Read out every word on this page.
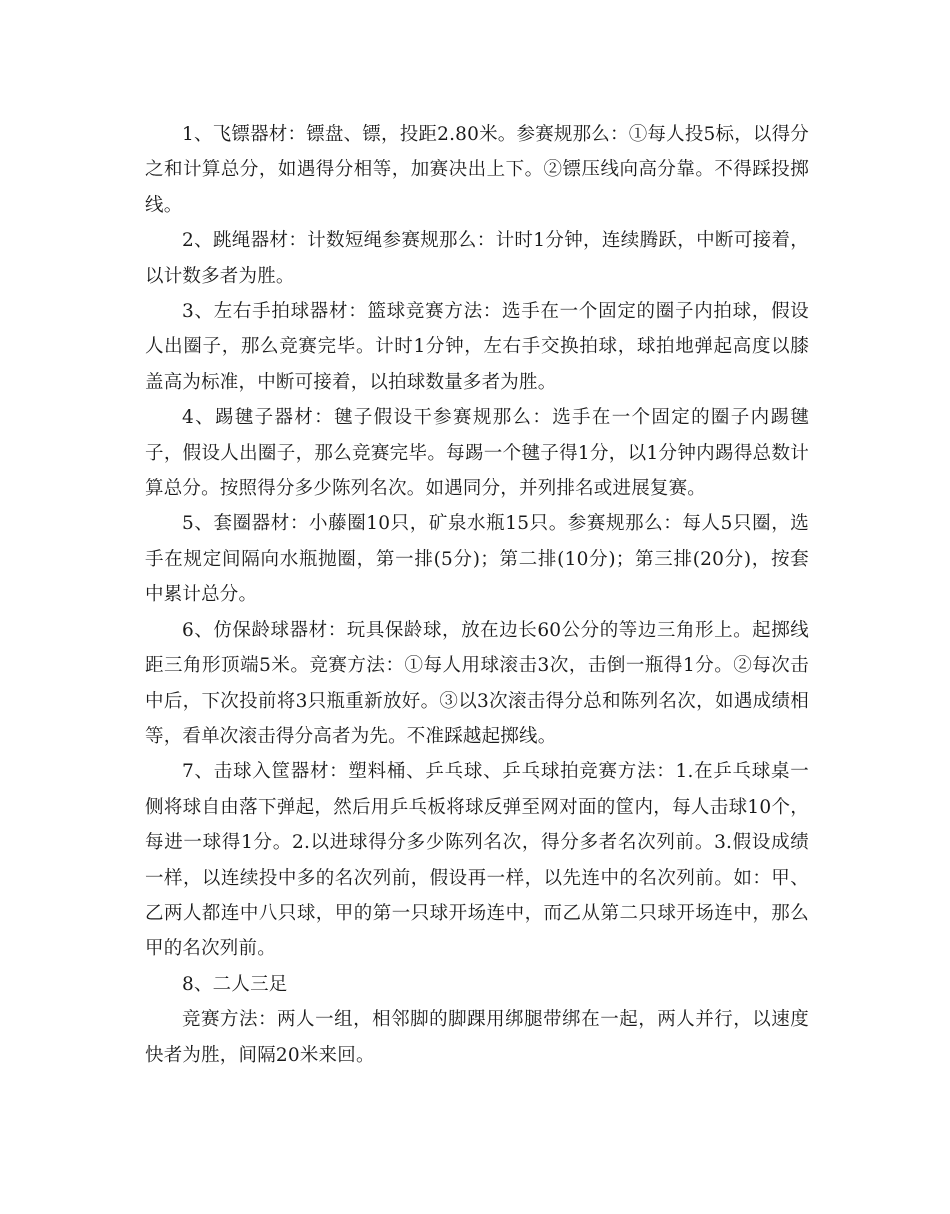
1、飞镖器材：镖盘、镖，投距2.80米。参赛规那么：①每人投5标，以得分之和计算总分，如遇得分相等，加赛决出上下。②镖压线向高分靠。不得踩投掷线。

2、跳绳器材：计数短绳参赛规那么：计时1分钟，连续腾跃，中断可接着，以计数多者为胜。

3、左右手拍球器材：篮球竞赛方法：选手在一个固定的圈子内拍球，假设人出圈子，那么竞赛完毕。计时1分钟，左右手交换拍球，球拍地弹起高度以膝盖高为标准，中断可接着，以拍球数量多者为胜。

4、踢毽子器材：毽子假设干参赛规那么：选手在一个固定的圈子内踢毽子，假设人出圈子，那么竞赛完毕。每踢一个毽子得1分，以1分钟内踢得总数计算总分。按照得分多少陈列名次。如遇同分，并列排名或进展复赛。

5、套圈器材：小藤圈10只，矿泉水瓶15只。参赛规那么：每人5只圈，选手在规定间隔向水瓶抛圈，第一排(5分)；第二排(10分)；第三排(20分)，按套中累计总分。

6、仿保龄球器材：玩具保龄球，放在边长60公分的等边三角形上。起掷线距三角形顶端5米。竞赛方法：①每人用球滚击3次，击倒一瓶得1分。②每次击中后，下次投前将3只瓶重新放好。③以3次滚击得分总和陈列名次，如遇成绩相等，看单次滚击得分高者为先。不准踩越起掷线。

7、击球入筐器材：塑料桶、乒乓球、乒乓球拍竞赛方法：1.在乒乓球桌一侧将球自由落下弹起，然后用乒乓板将球反弹至网对面的筐内，每人击球10个，每进一球得1分。2.以进球得分多少陈列名次，得分多者名次列前。3.假设成绩一样，以连续投中多的名次列前，假设再一样，以先连中的名次列前。如：甲、乙两人都连中八只球，甲的第一只球开场连中，而乙从第二只球开场连中，那么甲的名次列前。

8、二人三足

竞赛方法：两人一组，相邻脚的脚踝用绑腿带绑在一起，两人并行，以速度快者为胜，间隔20米来回。
